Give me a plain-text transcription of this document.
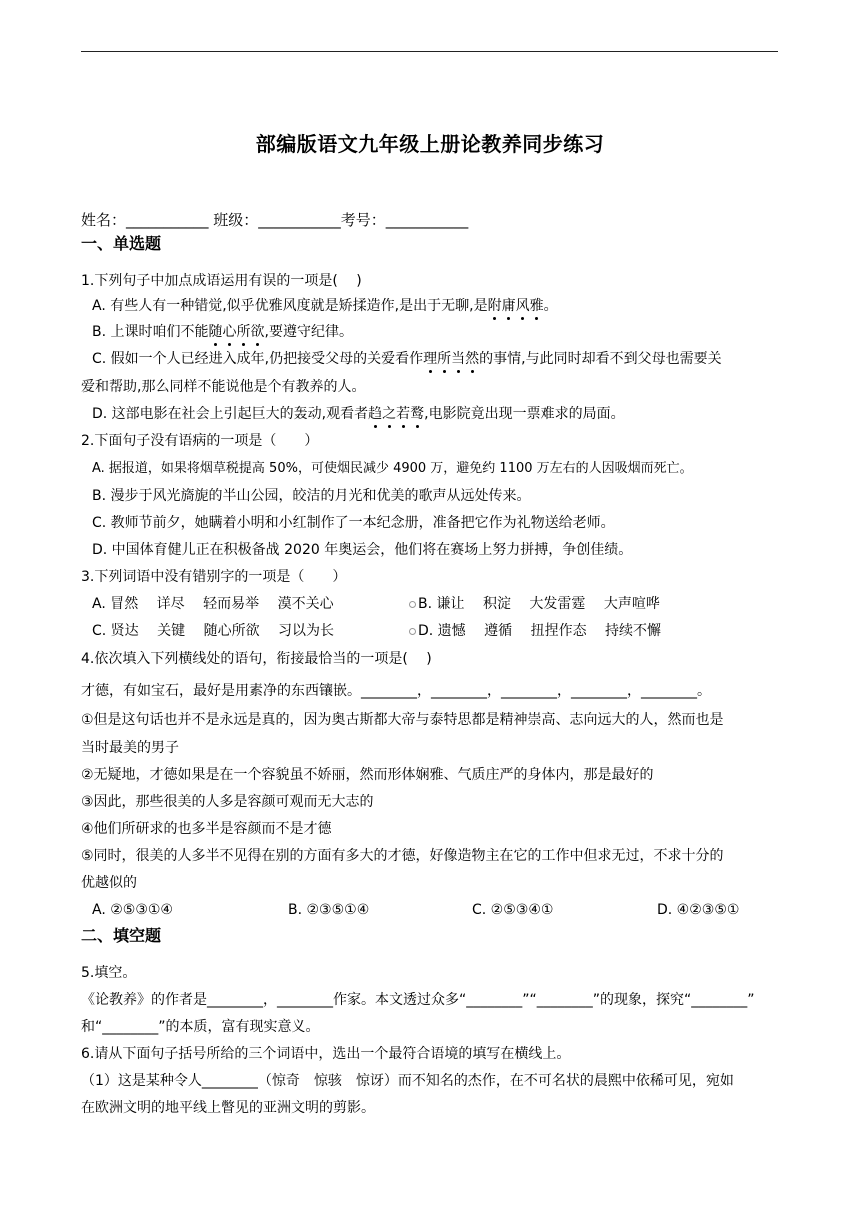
部编版语文九年级上册论教养同步练习
姓名：___________ 班级：___________考号：___________
一、单选题
1.下列句子中加点成语运用有误的一项是(　 )
A. 有些人有一种错觉,似乎优雅风度就是矫揉造作,是出于无聊,是附庸风雅。
B. 上课时咱们不能随心所欲,要遵守纪律。
C. 假如一个人已经进入成年,仍把接受父母的关爱看作理所当然的事情,与此同时却看不到父母也需要关
爱和帮助,那么同样不能说他是个有教养的人。
D. 这部电影在社会上引起巨大的轰动,观看者趋之若鹜,电影院竟出现一票难求的局面。
2.下面句子没有语病的一项是（　　）
A. 据报道，如果将烟草税提高 50%，可使烟民减少 4900 万，避免约 1100 万左右的人因吸烟而死亡。
B. 漫步于风光旖旎的半山公园，皎洁的月光和优美的歌声从远处传来。
C. 教师节前夕，她瞒着小明和小红制作了一本纪念册，准备把它作为礼物送给老师。
D. 中国体育健儿正在积极备战 2020 年奥运会，他们将在赛场上努力拼搏，争创佳绩。
3.下列词语中没有错别字的一项是（　　）
A. 冒然　 详尽　 轻而易举　 漠不关心	B. 谦让　 积淀　 大发雷霆　 大声喧哗
C. 贤达　 关键　 随心所欲　 习以为长	D. 遗憾　 遵循　 扭捏作态　 持续不懈
4.依次填入下列横线处的语句，衔接最恰当的一项是(　 )
才德，有如宝石，最好是用素净的东西镶嵌。________，________，________，________，________。
①但是这句话也并不是永远是真的，因为奥古斯都大帝与泰特思都是精神崇高、志向远大的人，然而也是
当时最美的男子
②无疑地，才德如果是在一个容貌虽不娇丽，然而形体娴雅、气质庄严的身体内，那是最好的
③因此，那些很美的人多是容颜可观而无大志的
④他们所研求的也多半是容颜而不是才德
⑤同时，很美的人多半不见得在别的方面有多大的才德，好像造物主在它的工作中但求无过，不求十分的
优越似的
A. ②⑤③①④	B. ②③⑤①④	C. ②⑤③④①	D. ④②③⑤①
二、填空题
5.填空。
《论教养》的作者是________，________作家。本文透过众多“________”“________”的现象，探究“________”
和“________”的本质，富有现实意义。
6.请从下面句子括号所给的三个词语中，选出一个最符合语境的填写在横线上。
（1）这是某种令人________（惊奇　惊骇　惊讶）而不知名的杰作，在不可名状的晨熙中依稀可见，宛如
在欧洲文明的地平线上瞥见的亚洲文明的剪影。
